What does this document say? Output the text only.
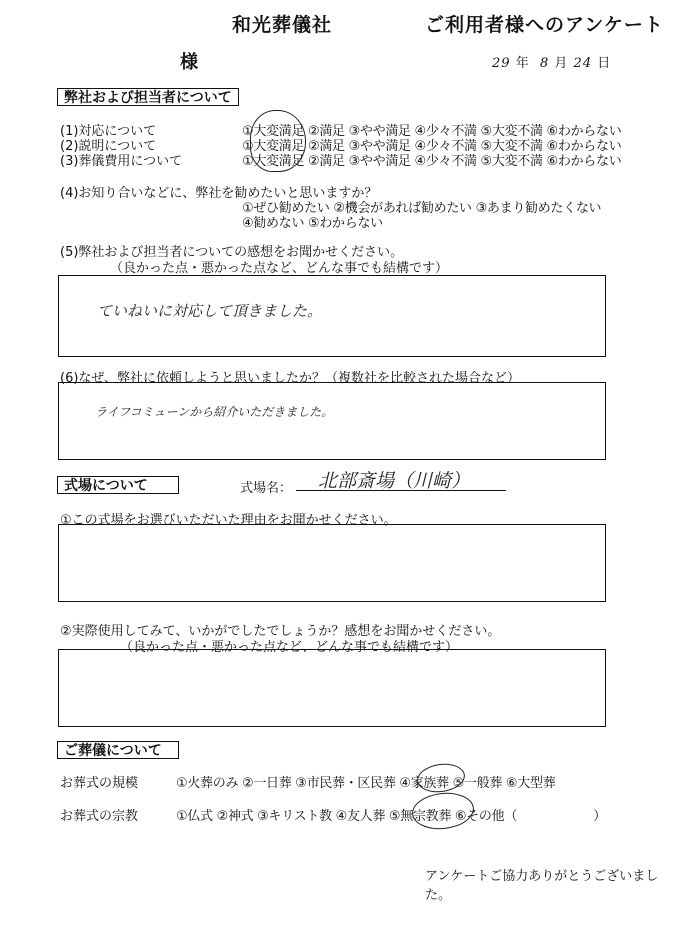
和光葬儀社	ご利用者様へのアンケート
様	29 年 8 月 24 日
弊社および担当者について
(1)対応について	①大変満足 ②満足 ③やや満足 ④少々不満 ⑤大変不満 ⑥わからない
(2)説明について	①大変満足 ②満足 ③やや満足 ④少々不満 ⑤大変不満 ⑥わからない
(3)葬儀費用について	①大変満足 ②満足 ③やや満足 ④少々不満 ⑤大変不満 ⑥わからない
(4)お知り合いなどに、弊社を勧めたいと思いますか？
①ぜひ勧めたい ②機会があれば勧めたい ③あまり勧めたくない
④勧めない ⑤わからない
(5)弊社および担当者についての感想をお聞かせください。
（良かった点・悪かった点など、どんな事でも結構です）
ていねいに対応して頂きました。
(6)なぜ、弊社に依頼しようと思いましたか？（複数社を比較された場合など）
ライフコミューンから紹介いただきました。
式場について	式場名： 北部斎場（川崎）
①この式場をお選びいただいた理由をお聞かせください。
②実際使用してみて、いかがでしたでしょうか？感想をお聞かせください。
（良かった点・悪かった点など、どんな事でも結構です）
ご葬儀について
お葬式の規模	①火葬のみ ②一日葬 ③市民葬・区民葬 ④家族葬 ⑤一般葬 ⑥大型葬
お葬式の宗教	①仏式 ②神式 ③キリスト教 ④友人葬 ⑤無宗教葬 ⑥その他（　　　　　　）
アンケートご協力ありがとうございました。
